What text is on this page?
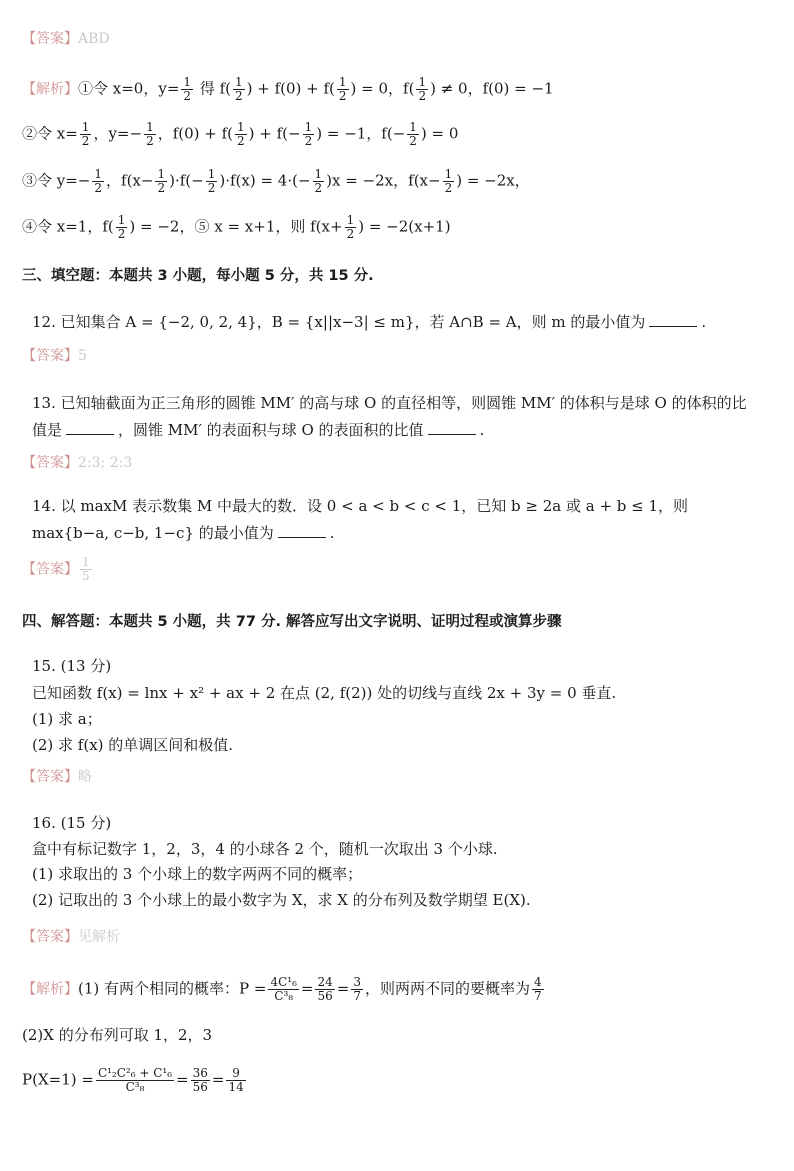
【答案】ABD
【解析】①令 x=0，$y= \frac{1}{2}$ 得 $f( \frac{1}{2}$ ) + $f(0) + f( \frac{1}{2}$ ) = 0，$f( \frac{1}{2}$ ) ≠ 0，f(0) = −1
②令 $x= \frac{1}{2}$ ，$y=- \frac{1}{2}$ ，$f(0) + f( \frac{1}{2}$ ) + $f(- \frac{1}{2}$ ) = −1，$f(- \frac{1}{2}$ ) = 0
③令 $y=- \frac{1}{2}$ ，$f(x- \frac{1}{2} )\cdot f(- \frac{1}{2} )\cdot f(x) = 4\cdot(- \frac{1}{2} )x = -2x$，$f(x- \frac{1}{2}$ ) = −2x，
④令 x=1，$f( \frac{1}{2}$ ) = −2，⑤ x = x+1，则 $f(x+ \frac{1}{2}$ ) = −2(x+1)
三、填空题：本题共 3 小题，每小题 5 分，共 15 分.
12. 已知集合 A = {−2, 0, 2, 4}，B = {x||x−3| ≤ m}，若 A∩B = A，则 m 的最小值为	.
【答案】5
13. 已知轴截面为正三角形的圆锥 MM′ 的高与球 O 的直径相等，则圆锥 MM′ 的体积与是球 O 的体积的比
值是	，圆锥 MM′ 的表面积与球 O 的表面积的比值	.
【答案】2:3; 2:3
14. 以 maxM 表示数集 M 中最大的数．设 0 < a < b < c < 1，已知 b ≥ 2a 或 a + b ≤ 1，则
max{b−a, c−b, 1−c} 的最小值为	.
【答案】 $\frac{1}{5}$
四、解答题：本题共 5 小题，共 77 分. 解答应写出文字说明、证明过程或演算步骤
15. (13 分)
已知函数 f(x) = lnx + x² + ax + 2 在点 (2, f(2)) 处的切线与直线 2x + 3y = 0 垂直.
(1) 求 a；
(2) 求 f(x) 的单调区间和极值.
【答案】略
16. (15 分)
盒中有标记数字 1，2，3，4 的小球各 2 个，随机一次取出 3 个小球.
(1) 求取出的 3 个小球上的数字两两不同的概率；
(2) 记取出的 3 个小球上的最小数字为 X，求 X 的分布列及数学期望 E(X).
【答案】见解析
【解析】(1) 有两个相同的概率：$P = \frac{\text{4C¹₆}}{\text{C³₈}} = \frac{24}{56} = \frac{3}{7}$ ，则两两不同的要概率为 $\frac{4}{7}$
(2)X 的分布列可取 1，2，3
$P(X=1) = \frac{\text{C¹₂C²₆ + C¹₆}}{\text{C³₈}} = \frac{36}{56} = \frac{9}{14}$
